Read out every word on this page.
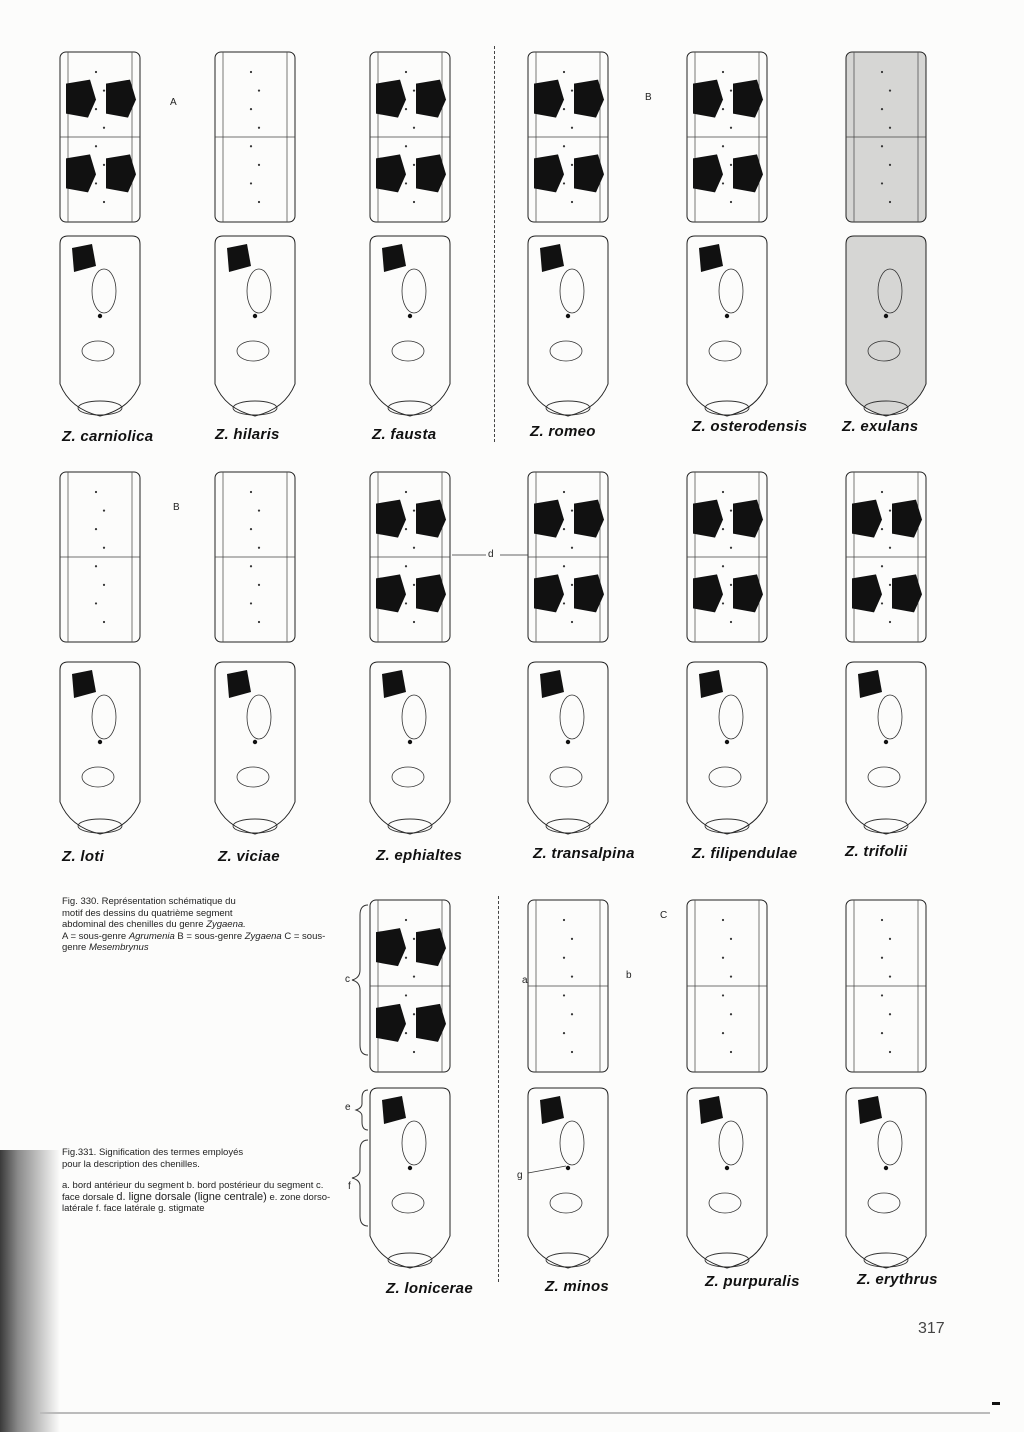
A	B
B
C
d
c	a	b
e
f
g
Z. carniolica	Z. hilaris	Z. fausta	Z. romeo	Z. osterodensis Z. exulans
Z. loti	Z. viciae	Z. ephialtes	Z. transalpina	Z. filipendulae	Z. trifolii
Z. lonicerae	Z. minos	Z. purpuralis	Z. erythrus
Fig. 330. Représentation schématique du
motif des dessins du quatrième segment
abdominal des chenilles du genre Zygaena.
A = sous-genre Agrumenia B = sous-genre Zygaena C = sous-genre Mesembrynus
Fig.331. Signification des termes employés
pour la description des chenilles.
a. bord antérieur du segment b. bord postérieur du segment c. face dorsale d. ligne dorsale (ligne centrale) e. zone dorso-latérale f. face latérale g. stigmate
317
